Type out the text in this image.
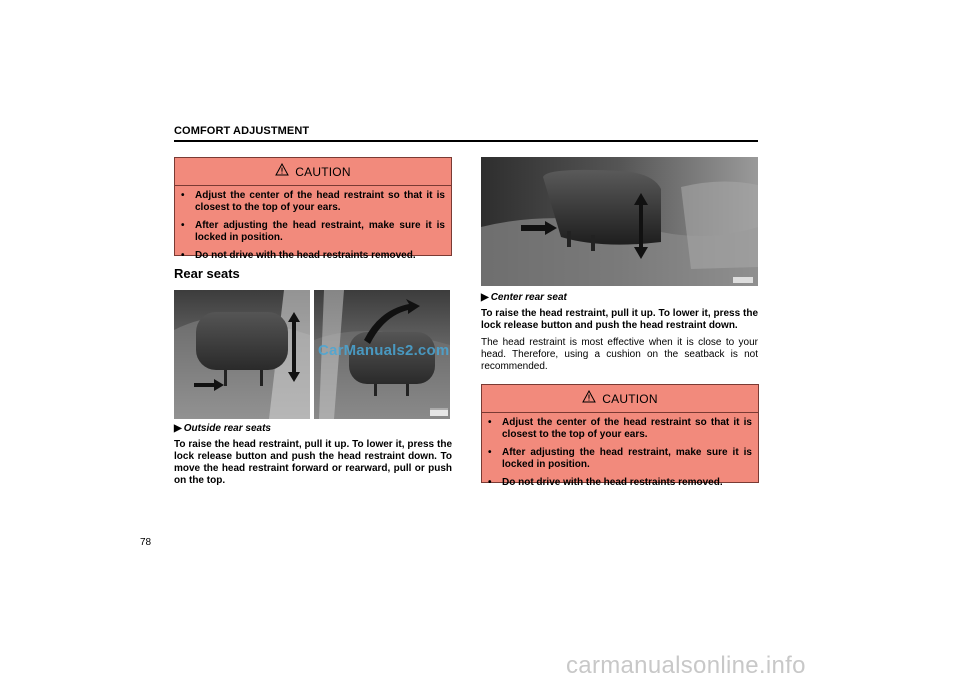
COMFORT ADJUSTMENT
CAUTION
•	Adjust the center of the head restraint so that it is closest to the top of your ears.
•	After adjusting the head restraint, make sure it is locked in position.
•	Do not drive with the head restraints removed.
Rear seats
CarManuals2.com
▶ Outside rear seats
To raise the head restraint, pull it up. To lower it, press the lock release button and push the head restraint down. To move the head restraint forward or rearward, pull or push on the top.
▶ Center rear seat
To raise the head restraint, pull it up. To lower it, press the lock release button and push the head restraint down.
The head restraint is most effective when it is close to your head. Therefore, using a cushion on the seatback is not recommended.
CAUTION
•	Adjust the center of the head restraint so that it is closest to the top of your ears.
•	After adjusting the head restraint, make sure it is locked in position.
•	Do not drive with the head restraints removed.
78
carmanualsonline.info
